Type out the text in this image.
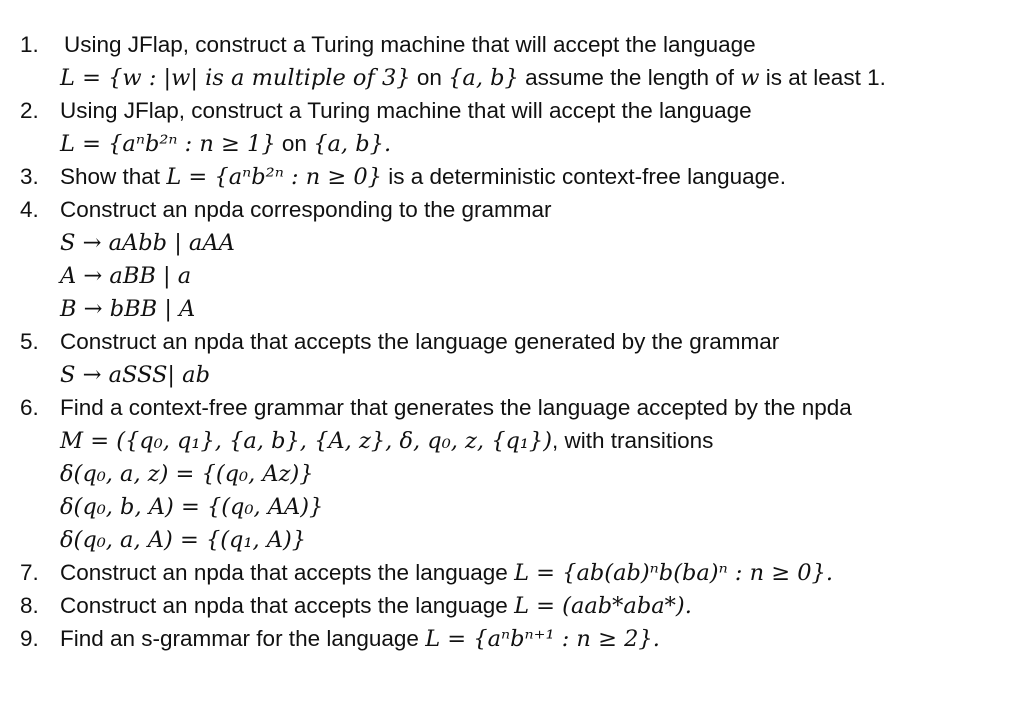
1.	Using JFlap, construct a Turing machine that will accept the language
L = {w : |w| is a multiple of 3} on {a, b} assume the length of w is at least 1.
2. Using JFlap, construct a Turing machine that will accept the language
L = {aⁿb²ⁿ : n ≥ 1} on {a, b}.
3. Show that L = {aⁿb²ⁿ : n ≥ 0} is a deterministic context-free language.
4. Construct an npda corresponding to the grammar
S → aAbb | aAA
A → aBB | a
B → bBB | A
5. Construct an npda that accepts the language generated by the grammar
S → aSSS| ab
6. Find a context-free grammar that generates the language accepted by the npda
M = ({q₀, q₁}, {a, b}, {A, z}, δ, q₀, z, {q₁}), with transitions
δ(q₀, a, z) = {(q₀, Az)}
δ(q₀, b, A) = {(q₀, AA)}
δ(q₀, a, A) = {(q₁, A)}
7. Construct an npda that accepts the language L = {ab(ab)ⁿb(ba)ⁿ : n ≥ 0}.
8. Construct an npda that accepts the language L = (aab*aba*).
9. Find an s-grammar for the language L = {aⁿbⁿ⁺¹ : n ≥ 2}.
